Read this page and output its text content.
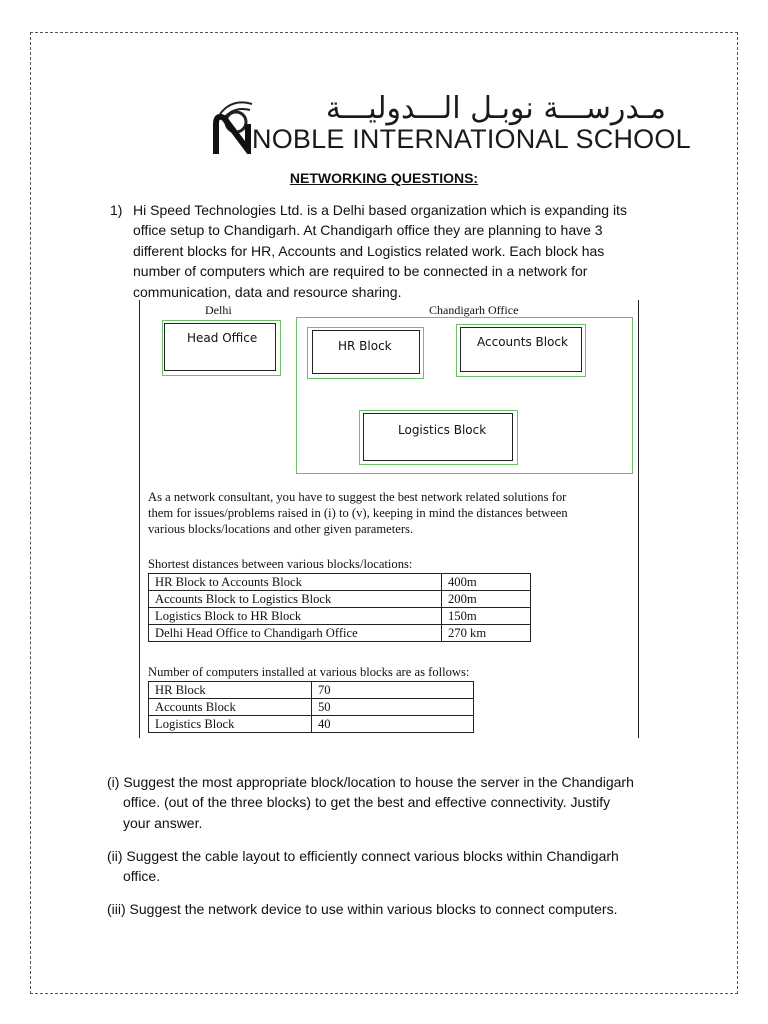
مـدرســـة نوبـل الـــدوليـــة
NOBLE INTERNATIONAL SCHOOL
NETWORKING QUESTIONS:
1) Hi Speed Technologies Ltd. is a Delhi based organization which is expanding its
office setup to Chandigarh. At Chandigarh office they are planning to have 3
different blocks for HR, Accounts and Logistics related work. Each block has
number of computers which are required to be connected in a network for
communication, data and resource sharing.
Delhi	Chandigarh Office
Head Office
HR Block	Accounts Block
Logistics Block
As a network consultant, you have to suggest the best network related solutions for
them for issues/problems raised in (i) to (v), keeping in mind the distances between
various blocks/locations and other given parameters.
Shortest distances between various blocks/locations:
HR Block to Accounts Block	400m
Accounts Block to Logistics Block	200m
Logistics Block to HR Block	150m
Delhi Head Office to Chandigarh Office	270 km
Number of computers installed at various blocks are as follows:
HR Block	70
Accounts Block	50
Logistics Block	40
(i) Suggest the most appropriate block/location to house the server in the Chandigarh
office. (out of the three blocks) to get the best and effective connectivity. Justify
your answer.
(ii) Suggest the cable layout to efficiently connect various blocks within Chandigarh
office.
(iii) Suggest the network device to use within various blocks to connect computers.
